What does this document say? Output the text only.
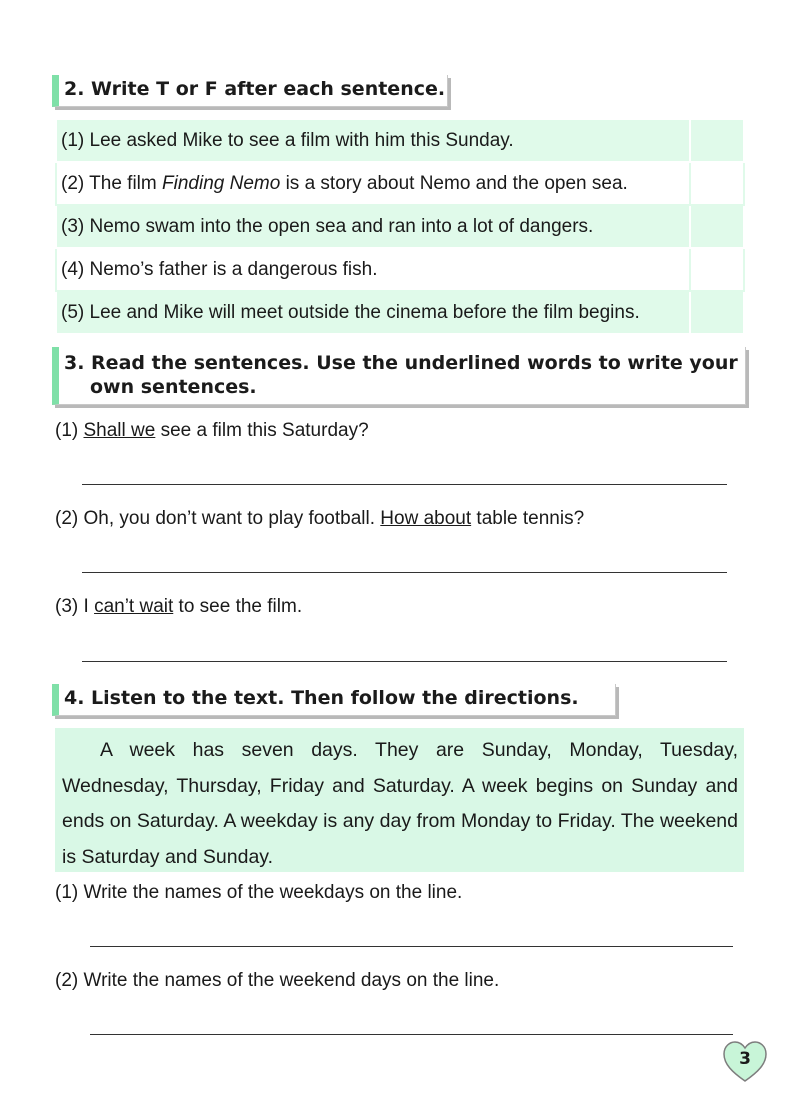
2. Write T or F after each sentence.
(1) Lee asked Mike to see a film with him this Sunday.	
(2) The film Finding Nemo is a story about Nemo and the open sea.	
(3) Nemo swam into the open sea and ran into a lot of dangers.	
(4) Nemo’s father is a dangerous fish.	
(5) Lee and Mike will meet outside the cinema before the film begins.	
3. Read the sentences. Use the underlined words to write your
own sentences.
(1) Shall we see a film this Saturday?
(2) Oh, you don’t want to play football. How about table tennis?
(3) I can’t wait to see the film.
4. Listen to the text. Then follow the directions.

A week has seven days. They are Sunday, Monday, Tuesday, Wednesday, Thursday, Friday and Saturday. A week begins on Sunday and ends on Saturday. A weekday is any day from Monday to Friday. The weekend is Saturday and Sunday.

(1) Write the names of the weekdays on the line.
(2) Write the names of the weekend days on the line.
3
